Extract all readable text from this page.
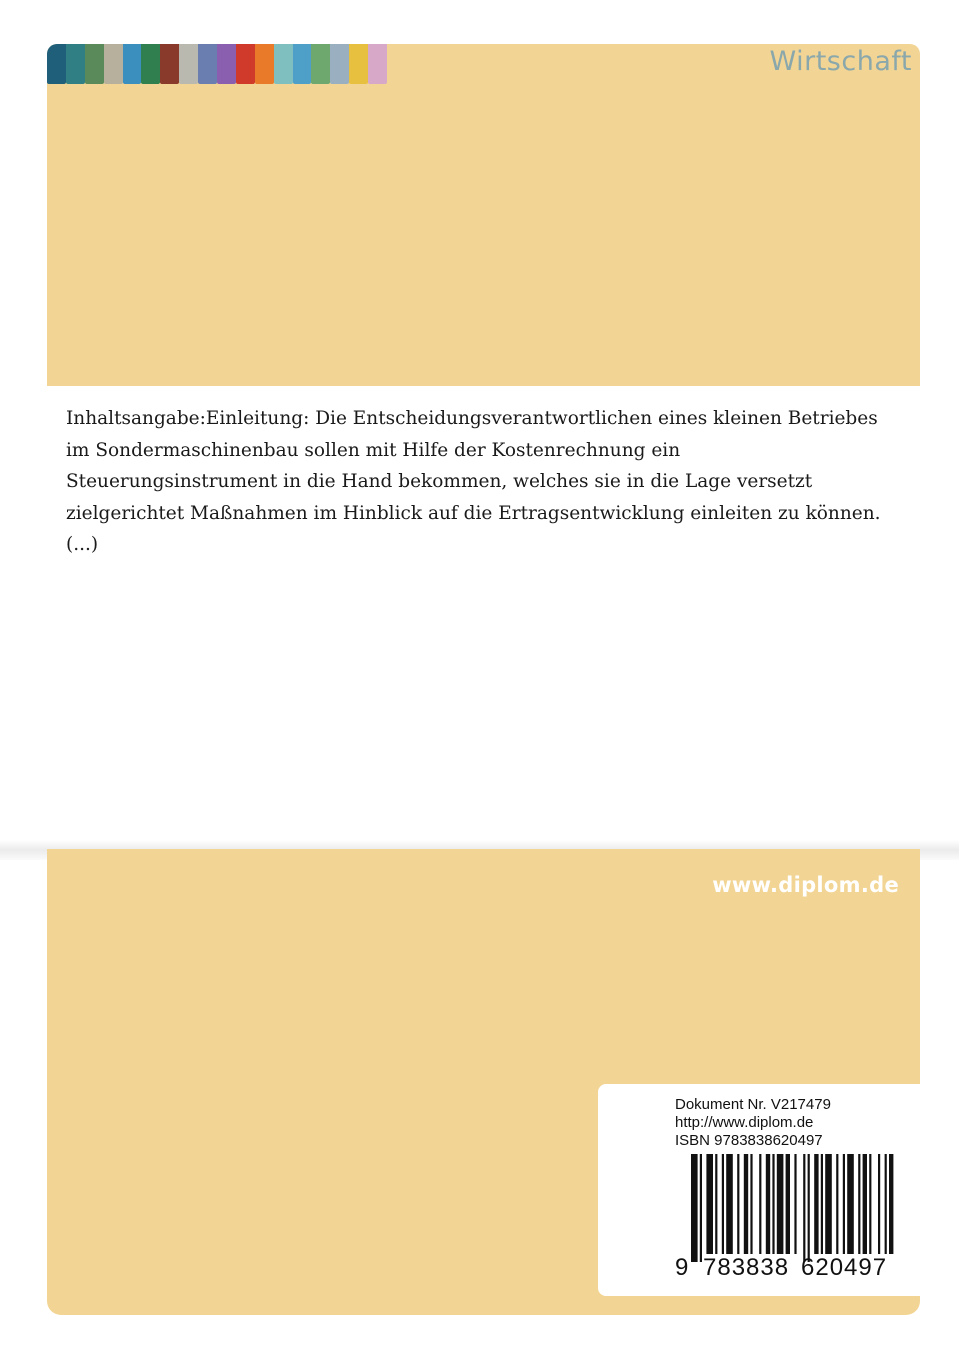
Wirtschaft

Inhaltsangabe:Einleitung: Die Entscheidungsverantwortlichen eines kleinen Betriebes im Sondermaschinenbau sollen mit Hilfe der Kostenrechnung ein Steuerungsinstrument in die Hand bekommen, welches sie in die Lage versetzt zielgerichtet Maßnahmen im Hinblick auf die Ertragsentwicklung einleiten zu können. (...)

www.diplom.de
Dokument Nr. V217479
http://www.diplom.de
ISBN 9783838620497
9 783838 620497
